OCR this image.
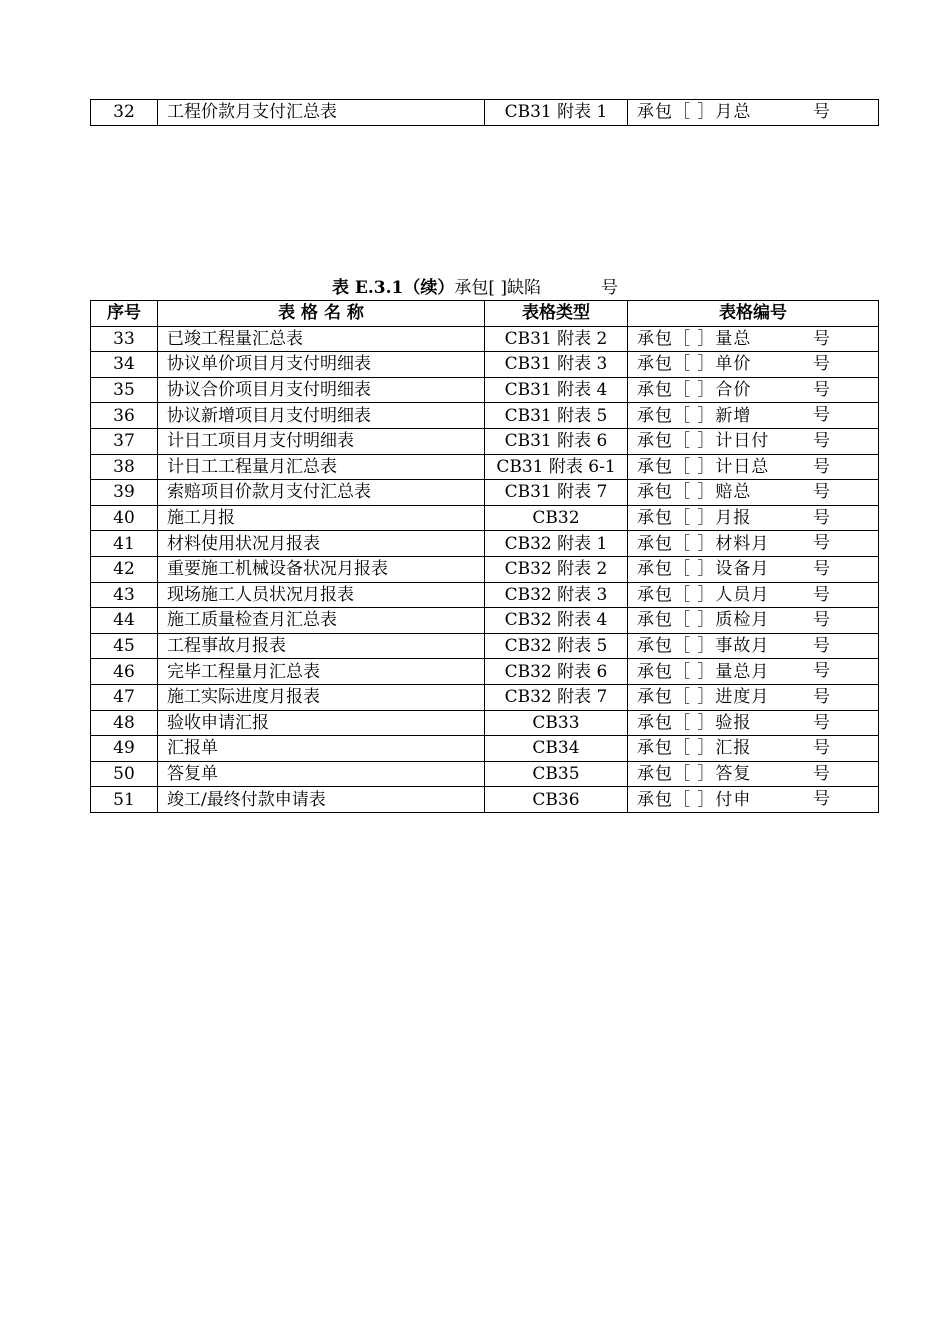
32	工程价款月支付汇总表	CB31 附表 1	承包［ ］月总	号
表 E.3.1（续）承包[ ]缺陷	号
序号	表 格 名 称	表格类型	表格编号
33	已竣工程量汇总表	CB31 附表 2	承包［ ］量总 号

34	协议单价项目月支付明细表	CB31 附表 3	承包［ ］单价 号

35	协议合价项目月支付明细表	CB31 附表 4	承包［ ］合价 号

36	协议新增项目月支付明细表	CB31 附表 5	承包［ ］新增 号

37	计日工项目月支付明细表	CB31 附表 6	承包［ ］计日付 号

38	计日工工程量月汇总表	CB31 附表 6-1	承包［ ］计日总 号

39	索赔项目价款月支付汇总表	CB31 附表 7	承包［ ］赔总 号

40	施工月报	CB32	承包［ ］月报 号

41	材料使用状况月报表	CB32 附表 1	承包［ ］材料月 号

42	重要施工机械设备状况月报表	CB32 附表 2	承包［ ］设备月 号

43	现场施工人员状况月报表	CB32 附表 3	承包［ ］人员月 号

44	施工质量检查月汇总表	CB32 附表 4	承包［ ］质检月 号

45	工程事故月报表	CB32 附表 5	承包［ ］事故月 号

46	完毕工程量月汇总表	CB32 附表 6	承包［ ］量总月 号

47	施工实际进度月报表	CB32 附表 7	承包［ ］进度月 号

48	验收申请汇报	CB33	承包［ ］验报 号

49	汇报单	CB34	承包［ ］汇报 号

50	答复单	CB35	承包［ ］答复 号

51	竣工/最终付款申请表	CB36	承包［ ］付申 号
